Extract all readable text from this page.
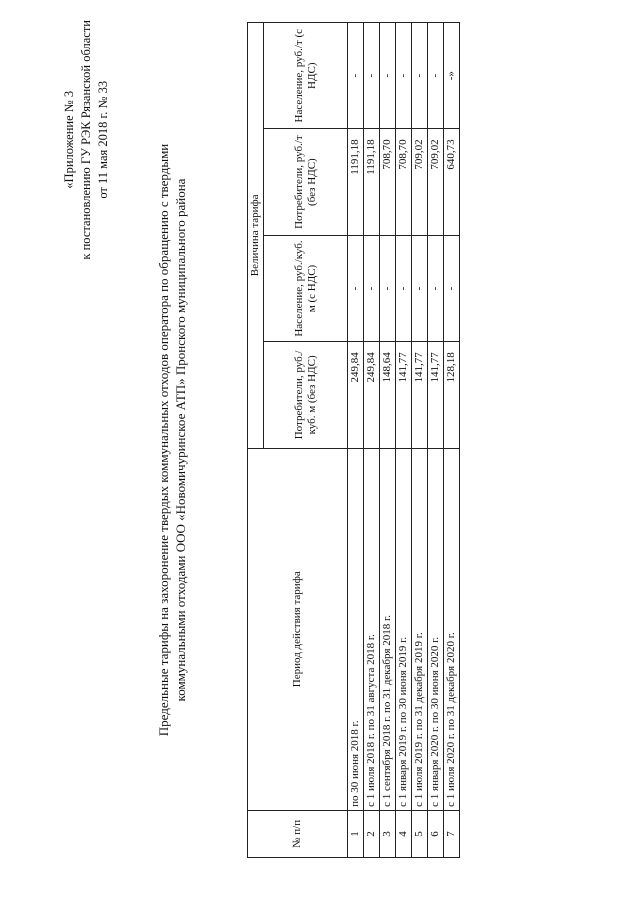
«Приложение № 3 к постановлению ГУ РЭК Рязанской области от 11 мая 2018 г. № 33
Предельные тарифы на захоронение твердых коммунальных отходов оператора по обращению с твердыми коммунальными отходами ООО «Новомичуринское АТП» Пронского муниципального района
№ п/п	Период действия тарифа	Величина тарифа			
		Потребители, руб./куб. м (без НДС)	Население, руб./куб. м (с НДС)	Потребители, руб./т (без НДС)	Население, руб./т (с НДС)
1	по 30 июня 2018 г.	249,84	-	1191,18	-
2	с 1 июля 2018 г. по 31 августа 2018 г.	249,84	-	1191,18	-
3	с 1 сентября 2018 г. по 31 декабря 2018 г.	148,64	-	708,70	-
4	с 1 января 2019 г. по 30 июня 2019 г.	141,77	-	708,70	-
5	с 1 июля 2019 г. по 31 декабря 2019 г.	141,77	-	709,02	-
6	с 1 января 2020 г. по 30 июня 2020 г.	141,77	-	709,02	-
7	с 1 июля 2020 г. по 31 декабря 2020 г.	128,18	-	640,73	-»
